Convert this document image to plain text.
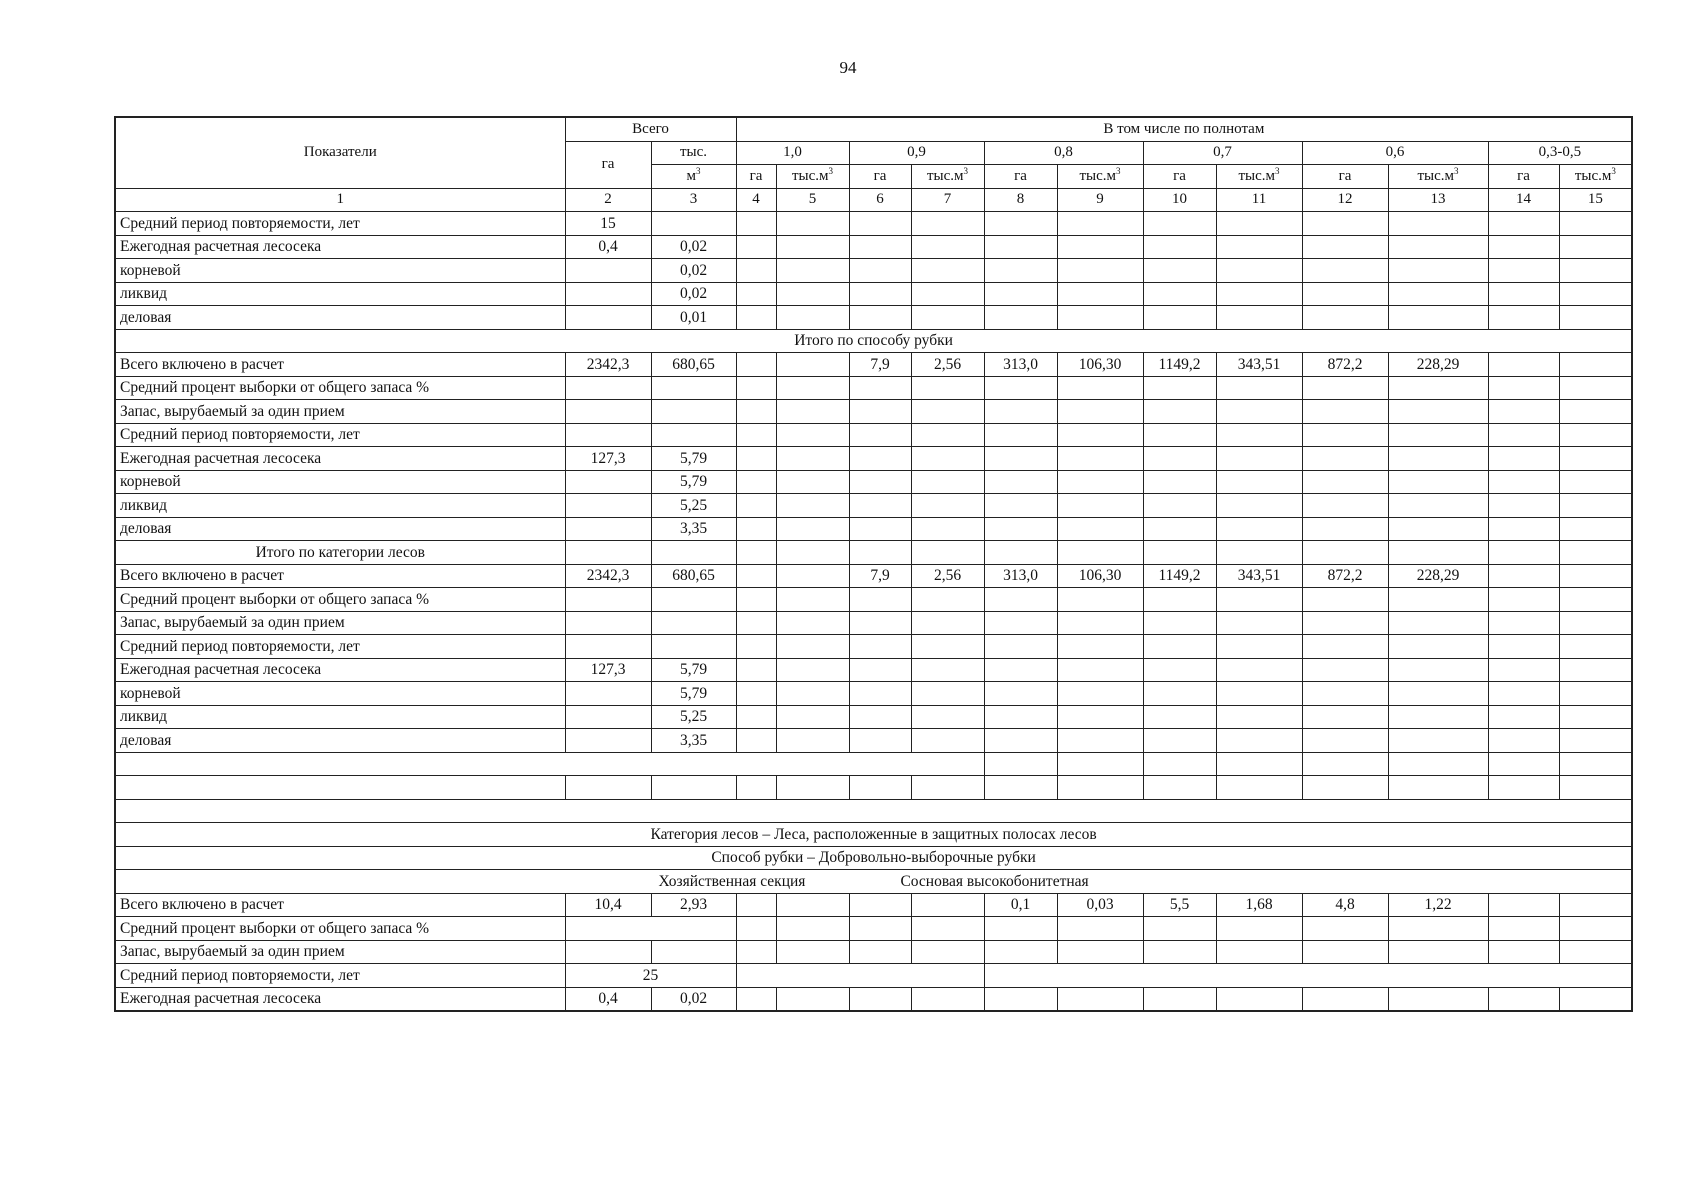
94
Показатели	Всего		В том числе по полнотам											
	га	тыс.	1,0		0,9		0,8		0,7		0,6		0,3-0,5	
		$м^3$	га	$тыс.м^3$	га	$тыс.м^3$	га	$тыс.м^3$	га	$тыс.м^3$	га	$тыс.м^3$	га	$тыс.м^3$
1	2	3	4	5	6	7	8	9	10	11	12	13	14	15
Средний период повторяемости, лет	15													
Ежегодная расчетная лесосека	0,4	0,02												
корневой		0,02												
ликвид		0,02												
деловая		0,01												
Итого по способу рубки														
Всего включено в расчет	2342,3	680,65			7,9	2,56	313,0	106,30	1149,2	343,51	872,2	228,29		
Средний процент выборки от общего запаса %														
Запас, вырубаемый за один прием														
Средний период повторяемости, лет														
Ежегодная расчетная лесосека	127,3	5,79												
корневой		5,79												
ликвид		5,25												
деловая		3,35												
Итого по категории лесов														
Всего включено в расчет	2342,3	680,65			7,9	2,56	313,0	106,30	1149,2	343,51	872,2	228,29		
Средний процент выборки от общего запаса %														
Запас, вырубаемый за один прием														
Средний период повторяемости, лет														
Ежегодная расчетная лесосека	127,3	5,79												
корневой		5,79												
ликвид		5,25												
деловая		3,35												

Категория лесов – Леса, расположенные в защитных полосах лесов														
Способ рубки – Добровольно-выборочные рубки														
Хозяйственная секция Сосновая высокобонитетная														
Всего включено в расчет	10,4	2,93					0,1	0,03	5,5	1,68	4,8	1,22		
Средний процент выборки от общего запаса %														
Запас, вырубаемый за один прием														
Средний период повторяемости, лет	25													
Ежегодная расчетная лесосека	0,4	0,02												
